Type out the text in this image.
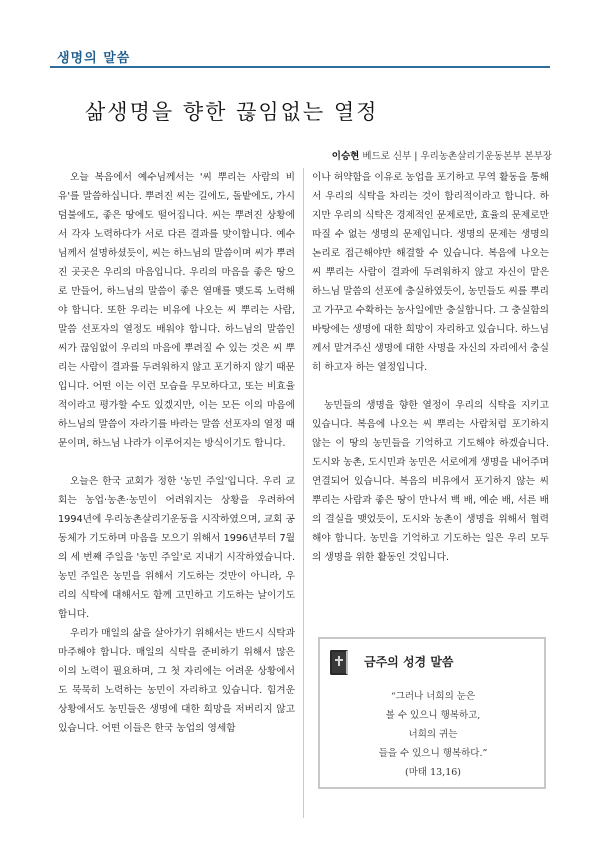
생명의 말씀
삶생명을 향한 끊임없는 열정
이승현 베드로 신부 | 우리농촌살리기운동본부 본부장

오늘 복음에서 예수님께서는 '씨 뿌리는 사람의 비유'를 말씀하십니다. 뿌려진 씨는 길에도, 돌밭에도, 가시덤불에도, 좋은 땅에도 떨어집니다. 씨는 뿌려진 상황에서 각자 노력하다가 서로 다른 결과를 맞이합니다. 예수님께서 설명하셨듯이, 씨는 하느님의 말씀이며 씨가 뿌려진 곳곳은 우리의 마음입니다. 우리의 마음을 좋은 땅으로 만들어, 하느님의 말씀이 좋은 열매를 맺도록 노력해야 합니다. 또한 우리는 비유에 나오는 씨 뿌리는 사람, 말씀 선포자의 열정도 배워야 합니다. 하느님의 말씀인 씨가 끊임없이 우리의 마음에 뿌려질 수 있는 것은 씨 뿌리는 사람이 결과를 두려워하지 않고 포기하지 않기 때문입니다. 어떤 이는 이런 모습을 무모하다고, 또는 비효율적이라고 평가할 수도 있겠지만, 이는 모든 이의 마음에 하느님의 말씀이 자라기를 바라는 말씀 선포자의 열정 때문이며, 하느님 나라가 이루어지는 방식이기도 합니다.

오늘은 한국 교회가 정한 '농민 주일'입니다. 우리 교회는 농업·농촌·농민이 어려워지는 상황을 우려하여 1994년에 우리농촌살리기운동을 시작하였으며, 교회 공동체가 기도하며 마음을 모으기 위해서 1996년부터 7월의 세 번째 주일을 '농민 주일'로 지내기 시작하였습니다. 농민 주일은 농민을 위해서 기도하는 것만이 아니라, 우리의 식탁에 대해서도 함께 고민하고 기도하는 날이기도 합니다.

우리가 매일의 삶을 살아가기 위해서는 반드시 식탁과 마주해야 합니다. 매일의 식탁을 준비하기 위해서 많은 이의 노력이 필요하며, 그 첫 자리에는 어려운 상황에서도 묵묵히 노력하는 농민이 자리하고 있습니다. 힘겨운 상황에서도 농민들은 생명에 대한 희망을 저버리지 않고 있습니다. 어떤 이들은 한국 농업의 영세함

이나 허약함을 이유로 농업을 포기하고 무역 활동을 통해서 우리의 식탁을 차리는 것이 합리적이라고 합니다. 하지만 우리의 식탁은 경제적인 문제로만, 효율의 문제로만 따질 수 없는 생명의 문제입니다. 생명의 문제는 생명의 논리로 접근해야만 해결할 수 있습니다. 복음에 나오는 씨 뿌리는 사람이 결과에 두려워하지 않고 자신이 맡은 하느님 말씀의 선포에 충실하였듯이, 농민들도 씨를 뿌리고 가꾸고 수확하는 농사일에만 충실합니다. 그 충실함의 바탕에는 생명에 대한 희망이 자리하고 있습니다. 하느님께서 맡겨주신 생명에 대한 사명을 자신의 자리에서 충실히 하고자 하는 열정입니다.

농민들의 생명을 향한 열정이 우리의 식탁을 지키고 있습니다. 복음에 나오는 씨 뿌리는 사람처럼 포기하지 않는 이 땅의 농민들을 기억하고 기도해야 하겠습니다. 도시와 농촌, 도시민과 농민은 서로에게 생명을 내어주며 연결되어 있습니다. 복음의 비유에서 포기하지 않는 씨 뿌리는 사람과 좋은 땅이 만나서 백 배, 예순 배, 서른 배의 결실을 맺었듯이, 도시와 농촌이 생명을 위해서 협력해야 합니다. 농민을 기억하고 기도하는 일은 우리 모두의 생명을 위한 활동인 것입니다.

금주의 성경 말씀
“그러나 너희의 눈은
볼 수 있으니 행복하고,
너희의 귀는
들을 수 있으니 행복하다.”
(마태 13,16)
